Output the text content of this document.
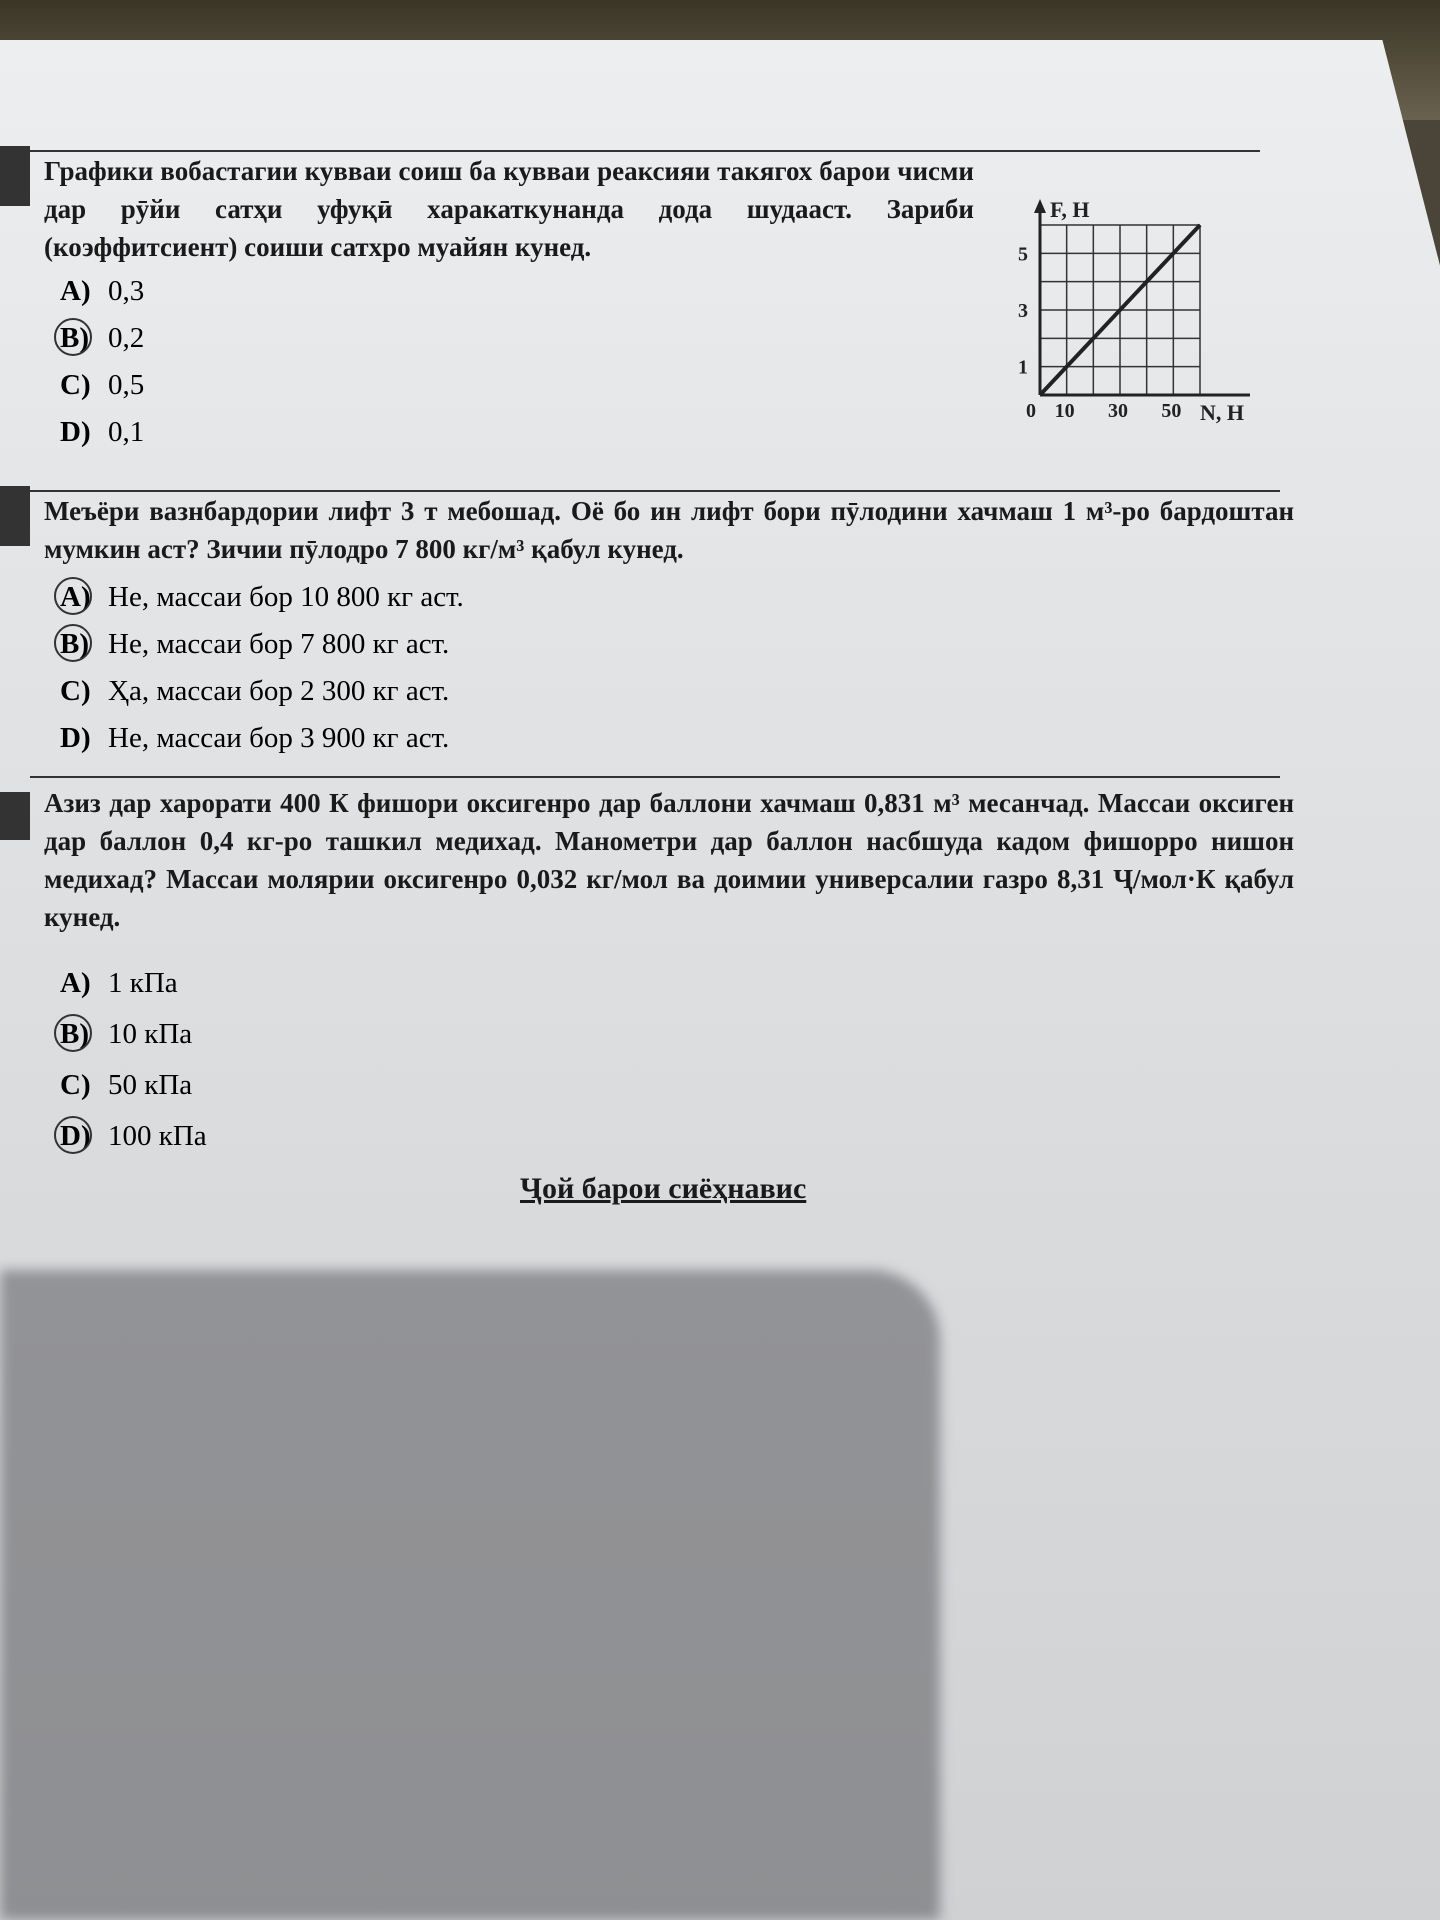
Графики вобастагии кувваи соиш ба кувваи реаксияи такягох барои чисми дар рӯйи сатҳи уфуқӣ харакаткунанда дода шудааст. Зариби (коэффитсиент) соиши сатхро муайян кунед.
A) 0,3
B) 0,2
C) 0,5
D) 0,1
F, Н
N, Н
0 10 30 50
1
3
5
Меъёри вазнбардории лифт 3 т мебошад. Оё бо ин лифт бори пӯлодини хачмаш 1 м³-ро бардоштан мумкин аст? Зичии пӯлодро 7 800 кг/м³ қабул кунед.
A) Не, массаи бор 10 800 кг аст.
B) Не, массаи бор 7 800 кг аст.
C) Ҳа, массаи бор 2 300 кг аст.
D) Не, массаи бор 3 900 кг аст.
Азиз дар харорати 400 К фишори оксигенро дар баллони хачмаш 0,831 м³ месанчад. Массаи оксиген дар баллон 0,4 кг-ро ташкил медихад. Манометри дар баллон насбшуда кадом фишорро нишон медихад? Массаи молярии оксигенро 0,032 кг/мол ва доимии универсалии газро 8,31 Ҷ/мол·К қабул кунед.
A) 1 кПа
B) 10 кПа
C) 50 кПа
D) 100 кПа
Ҷой барои сиёҳнавис
